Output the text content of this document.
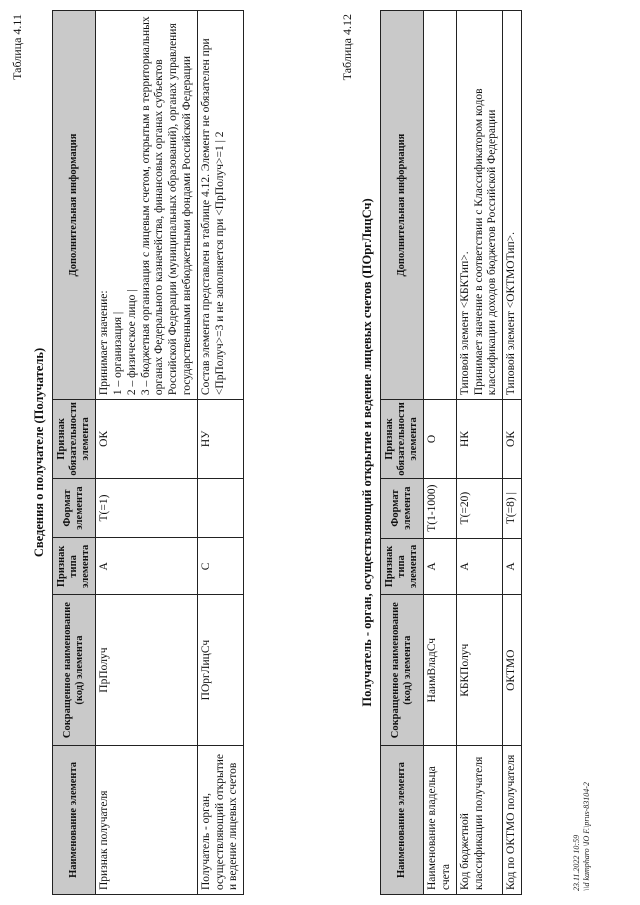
Таблица 4.11
Сведения о получателе (Получатель)
Наименование элемента	Сокращенное наименование (код) элемента	Признак типа элемента	Формат элемента	Признак обязательности элемента	Дополнительная информация
Признак получателя	ПрПолуч	А	Т(=1)	ОК	Принимает значение: 1 – организация | 2 – физическое лицо | 3 – бюджетная организация с лицевым счетом, открытым в территориальных органах Федерального казначейства, финансовых органах субъектов Российской Федерации (муниципальных образований), органах управления государственными внебюджетными фондами Российской Федерации

Получатель - орган, осуществляющий открытие и ведение лицевых счетов	ПОргЛицСч	С		НУ	Состав элемента представлен в таблице 4.12. Элемент не обязателен при <ПрПолуч>=3 и не заполняется при <ПрПолуч>=1 | 2
Таблица 4.12
Получатель - орган, осуществляющий открытие и ведение лицевых счетов (ПОргЛицСч)
Наименование элемента	Сокращенное наименование (код) элемента	Признак типа элемента	Формат элемента	Признак обязательности элемента	Дополнительная информация
Наименование владельца счета	НаимВладСч	А	Т(1-1000)	О	

Код бюджетной классификации получателя	КБКПолуч	А	Т(=20)	НК	Типовой элемент <КБКТип>. Принимает значение в соответствии с Классификатором кодов классификации доходов бюджетов Российской Федерации

Код по ОКТМО получателя	ОКТМО	А	Т(=8) |	ОК	Типовой элемент <ОКТМОТип>.
23.11.2022 10:59 \\d kampharo \IO F.\prus-83104-2
